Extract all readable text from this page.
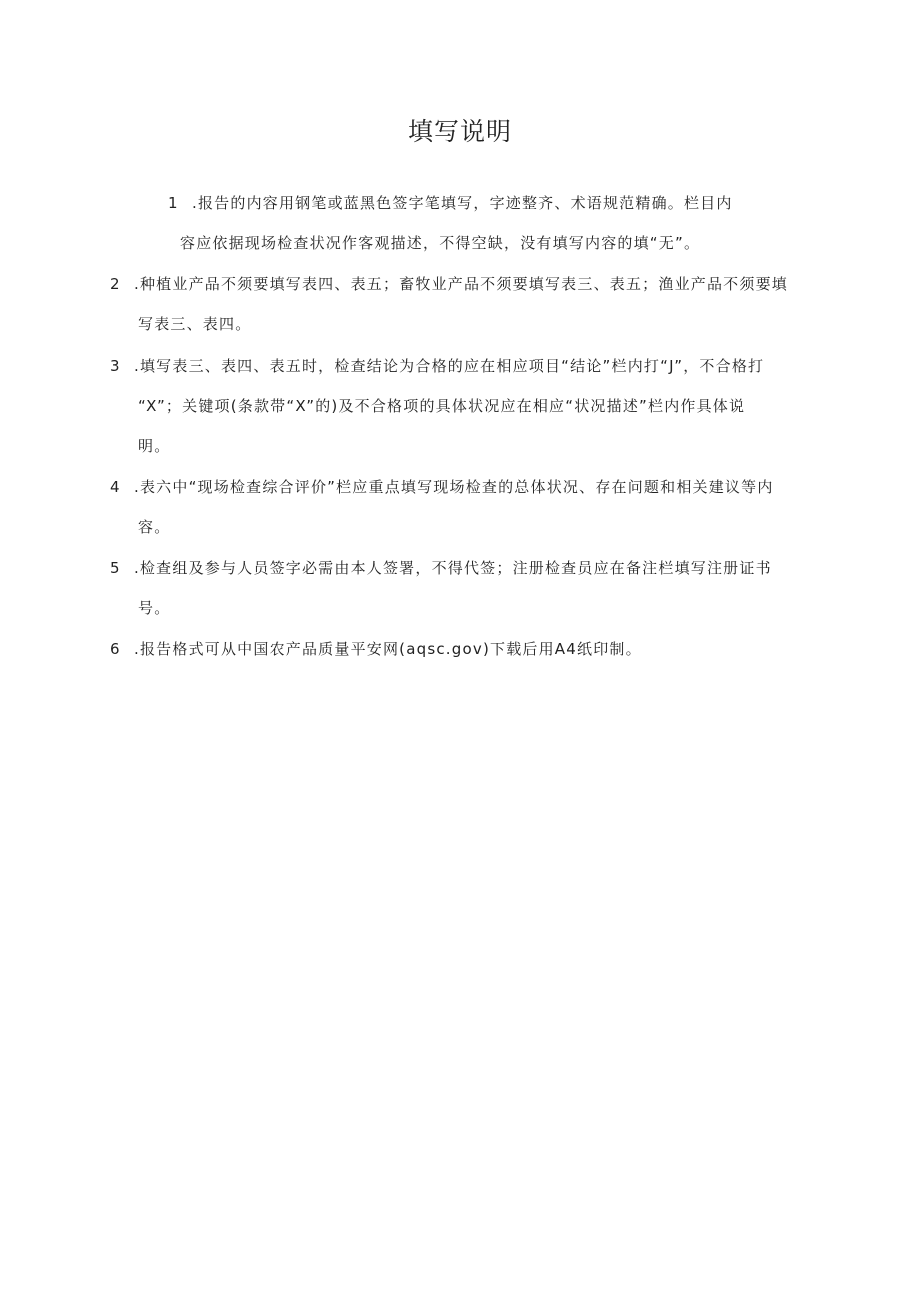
填写说明
1 .报告的内容用钢笔或蓝黑色签字笔填写，字迹整齐、术语规范精确。栏目内
容应依据现场检查状况作客观描述，不得空缺，没有填写内容的填“无”。
2 .种植业产品不须要填写表四、表五；畜牧业产品不须要填写表三、表五；渔业产品不须要填
写表三、表四。
3 .填写表三、表四、表五时，检查结论为合格的应在相应项目“结论”栏内打“J”，不合格打
“X”；关键项(条款带“X”的)及不合格项的具体状况应在相应“状况描述”栏内作具体说
明。
4 .表六中“现场检查综合评价”栏应重点填写现场检查的总体状况、存在问题和相关建议等内
容。
5 .检查组及参与人员签字必需由本人签署，不得代签；注册检查员应在备注栏填写注册证书
号。
6 .报告格式可从中国农产品质量平安网(aqsc.gov)下载后用A4纸印制。
